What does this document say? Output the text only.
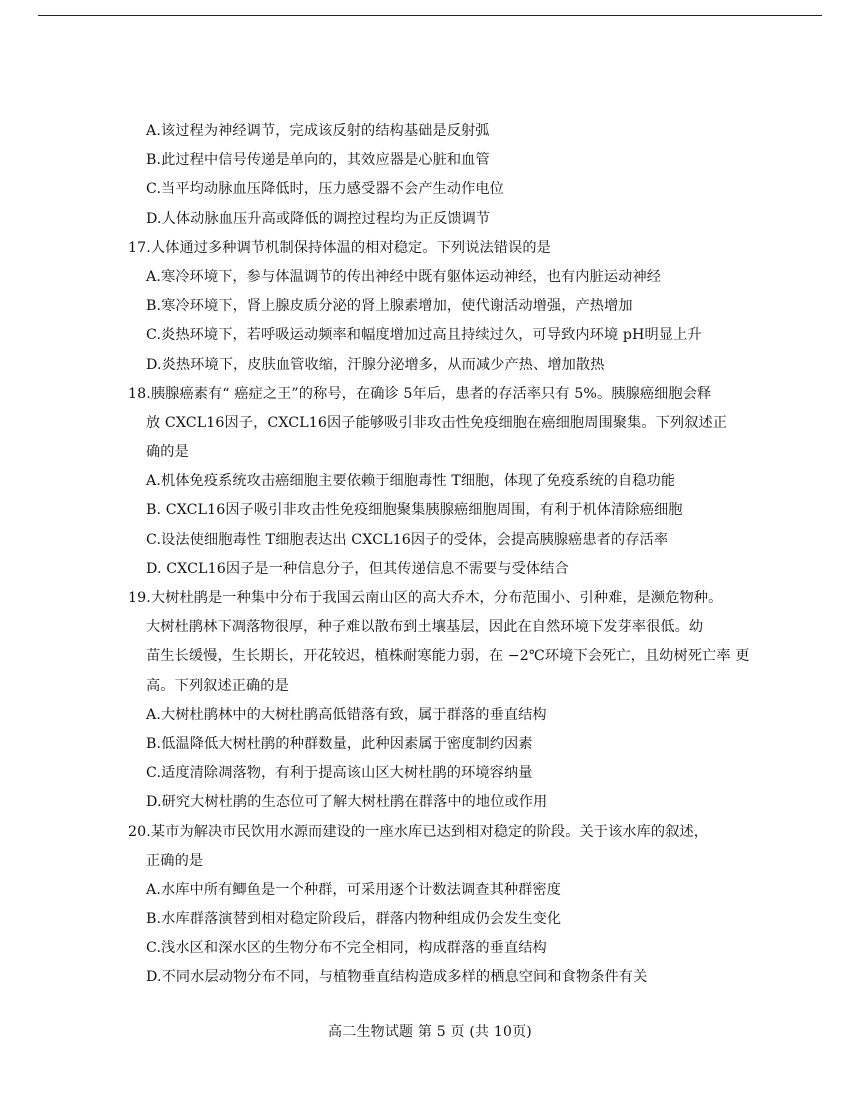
A.该过程为神经调节，完成该反射的结构基础是反射弧
B.此过程中信号传递是单向的，其效应器是心脏和血管
C.当平均动脉血压降低时，压力感受器不会产生动作电位
D.人体动脉血压升高或降低的调控过程均为正反馈调节
17.人体通过多种调节机制保持体温的相对稳定。下列说法错误的是
A.寒冷环境下，参与体温调节的传出神经中既有躯体运动神经，也有内脏运动神经
B.寒冷环境下，肾上腺皮质分泌的肾上腺素增加，使代谢活动增强，产热增加
C.炎热环境下，若呼吸运动频率和幅度增加过高且持续过久，可导致内环境 pH明显上升
D.炎热环境下，皮肤血管收缩，汗腺分泌增多，从而减少产热、增加散热
18.胰腺癌素有“ 癌症之王”的称号，在确诊 5年后，患者的存活率只有 5%。胰腺癌细胞会释
放 CXCL16因子，CXCL16因子能够吸引非攻击性免疫细胞在癌细胞周围聚集。下列叙述正
确的是
A.机体免疫系统攻击癌细胞主要依赖于细胞毒性 T细胞，体现了免疫系统的自稳功能
B. CXCL16因子吸引非攻击性免疫细胞聚集胰腺癌细胞周围，有利于机体清除癌细胞
C.设法使细胞毒性 T细胞表达出 CXCL16因子的受体，会提高胰腺癌患者的存活率
D. CXCL16因子是一种信息分子，但其传递信息不需要与受体结合
19.大树杜鹃是一种集中分布于我国云南山区的高大乔木，分布范围小、引种难，是濒危物种。
大树杜鹃林下凋落物很厚，种子难以散布到土壤基层，因此在自然环境下发芽率很低。幼
苗生长缓慢，生长期长，开花较迟，植株耐寒能力弱，在 −2℃环境下会死亡，且幼树死亡率 更
高。下列叙述正确的是
A.大树杜鹃林中的大树杜鹃高低错落有致，属于群落的垂直结构
B.低温降低大树杜鹃的种群数量，此种因素属于密度制约因素
C.适度清除凋落物，有利于提高该山区大树杜鹃的环境容纳量
D.研究大树杜鹃的生态位可了解大树杜鹃在群落中的地位或作用
20.某市为解决市民饮用水源而建设的一座水库已达到相对稳定的阶段。关于该水库的叙述，
正确的是
A.水库中所有鲫鱼是一个种群，可采用逐个计数法调查其种群密度
B.水库群落演替到相对稳定阶段后，群落内物种组成仍会发生变化
C.浅水区和深水区的生物分布不完全相同，构成群落的垂直结构
D.不同水层动物分布不同，与植物垂直结构造成多样的栖息空间和食物条件有关
高二生物试题 第 5 页 (共 10页)
